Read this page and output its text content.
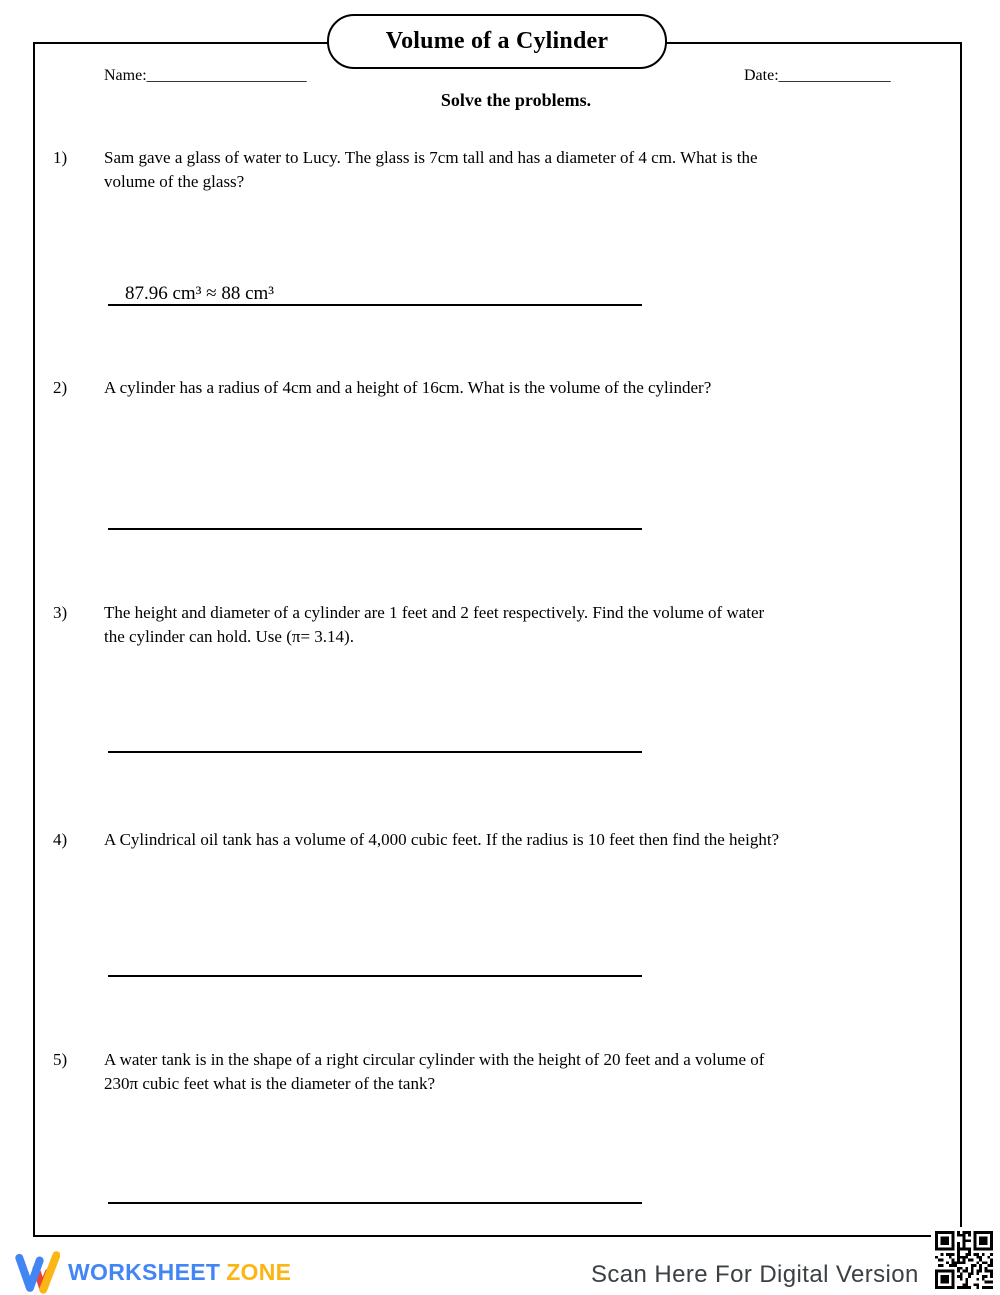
Volume of a Cylinder
Name:____________________	Date:______________
Solve the problems.
1) Sam gave a glass of water to Lucy. The glass is 7cm tall and has a diameter of 4 cm. What is the
volume of the glass?
87.96 cm³ ≈ 88 cm³
2) A cylinder has a radius of 4cm and a height of 16cm. What is the volume of the cylinder?
3) The height and diameter of a cylinder are 1 feet and 2 feet respectively. Find the volume of water
the cylinder can hold. Use (π= 3.14).
4) A Cylindrical oil tank has a volume of 4,000 cubic feet. If the radius is 10 feet then find the height?
5) A water tank is in the shape of a right circular cylinder with the height of 20 feet and a volume of
230π cubic feet what is the diameter of the tank?
WORKSHEET ZONE	Scan Here For Digital Version
